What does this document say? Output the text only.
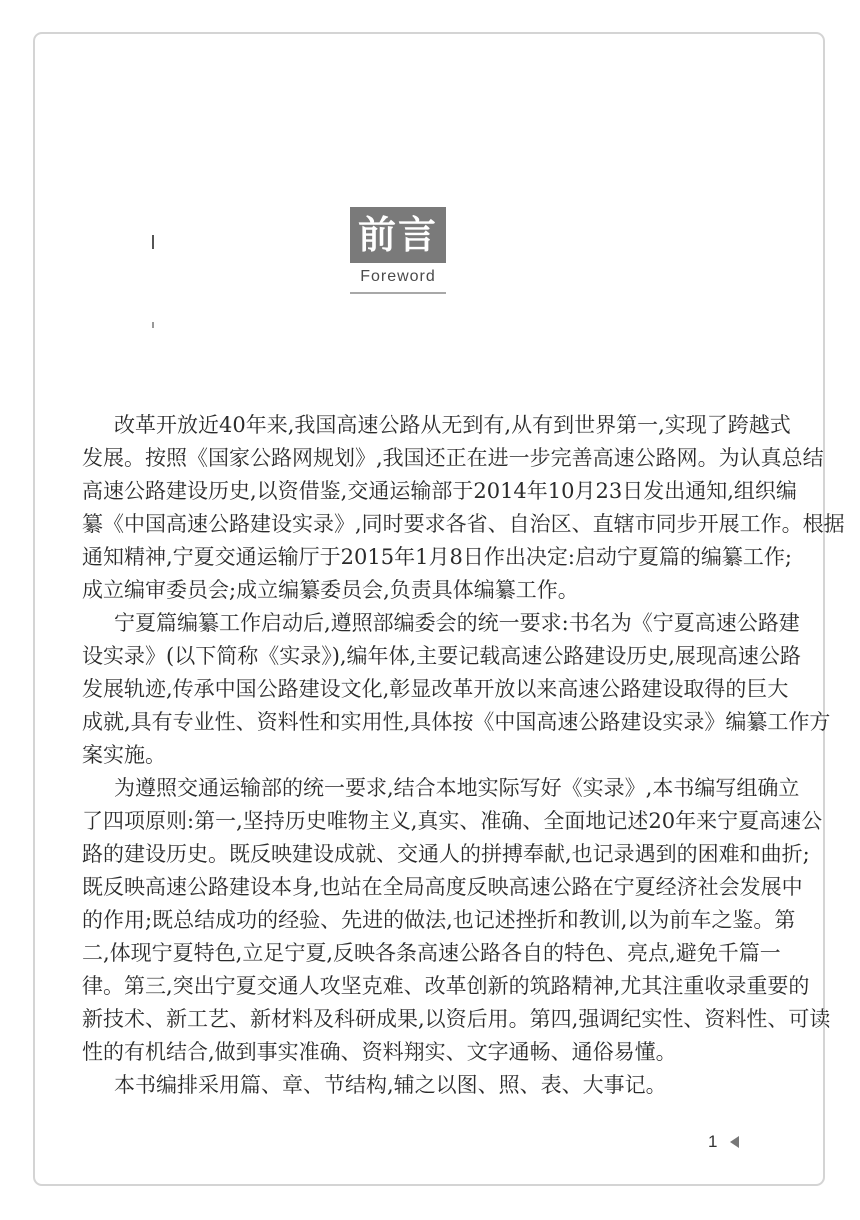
前言
Foreword
改革开放近40年来,我国高速公路从无到有,从有到世界第一,实现了跨越式
发展。按照《国家公路网规划》,我国还正在进一步完善高速公路网。为认真总结
高速公路建设历史,以资借鉴,交通运输部于2014年10月23日发出通知,组织编
纂《中国高速公路建设实录》,同时要求各省、自治区、直辖市同步开展工作。根据
通知精神,宁夏交通运输厅于2015年1月8日作出决定:启动宁夏篇的编纂工作;
成立编审委员会;成立编纂委员会,负责具体编纂工作。
宁夏篇编纂工作启动后,遵照部编委会的统一要求:书名为《宁夏高速公路建
设实录》(以下简称《实录》),编年体,主要记载高速公路建设历史,展现高速公路
发展轨迹,传承中国公路建设文化,彰显改革开放以来高速公路建设取得的巨大
成就,具有专业性、资料性和实用性,具体按《中国高速公路建设实录》编纂工作方
案实施。
为遵照交通运输部的统一要求,结合本地实际写好《实录》,本书编写组确立
了四项原则:第一,坚持历史唯物主义,真实、准确、全面地记述20年来宁夏高速公
路的建设历史。既反映建设成就、交通人的拼搏奉献,也记录遇到的困难和曲折;
既反映高速公路建设本身,也站在全局高度反映高速公路在宁夏经济社会发展中
的作用;既总结成功的经验、先进的做法,也记述挫折和教训,以为前车之鉴。第
二,体现宁夏特色,立足宁夏,反映各条高速公路各自的特色、亮点,避免千篇一
律。第三,突出宁夏交通人攻坚克难、改革创新的筑路精神,尤其注重收录重要的
新技术、新工艺、新材料及科研成果,以资后用。第四,强调纪实性、资料性、可读
性的有机结合,做到事实准确、资料翔实、文字通畅、通俗易懂。
本书编排采用篇、章、节结构,辅之以图、照、表、大事记。
1
